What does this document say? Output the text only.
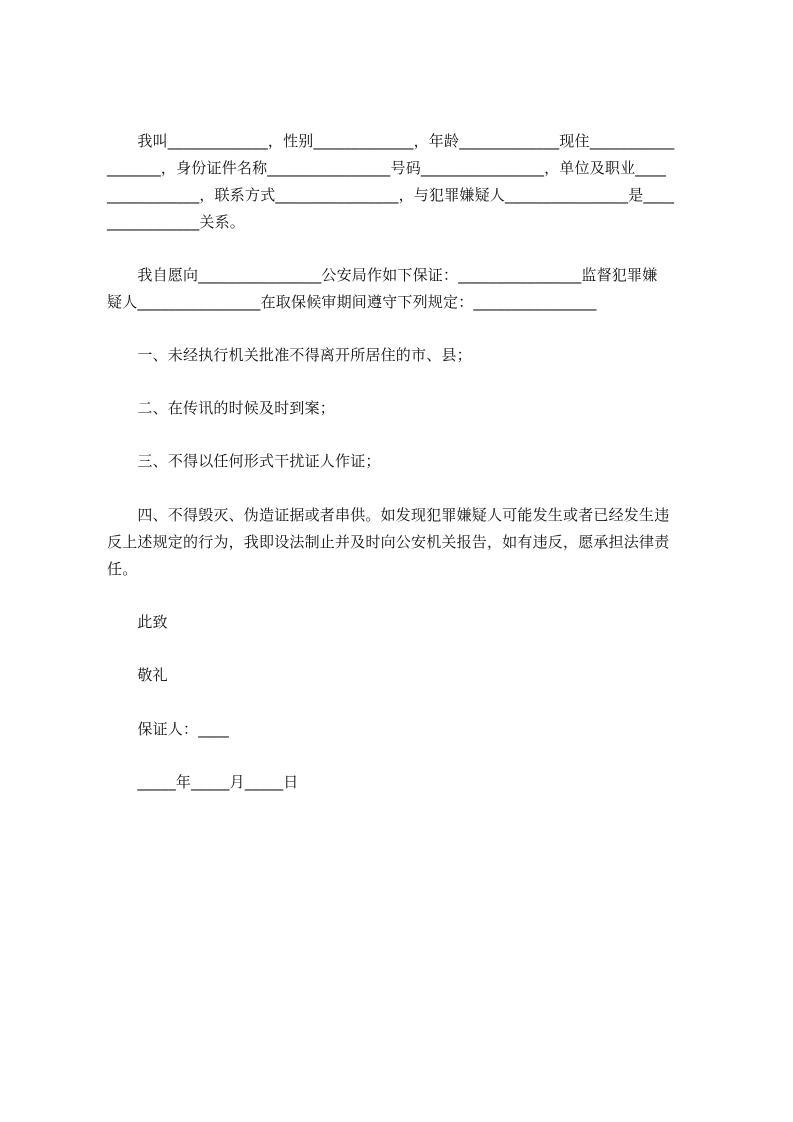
　　我叫_____________，性别_____________，年龄_____________现住___________
_______，身份证件名称________________号码________________，单位及职业____
____________，联系方式________________，与犯罪嫌疑人________________是____
____________关系。
　　我自愿向________________公安局作如下保证：________________监督犯罪嫌
疑人________________在取保候审期间遵守下列规定：________________
　　一、未经执行机关批准不得离开所居住的市、县；
　　二、在传讯的时候及时到案；
　　三、不得以任何形式干扰证人作证；
　　四、不得毁灭、伪造证据或者串供。如发现犯罪嫌疑人可能发生或者已经发生违
反上述规定的行为，我即设法制止并及时向公安机关报告，如有违反，愿承担法律责
任。
　　此致
　　敬礼
　　保证人：____
　　_____年_____月_____日
